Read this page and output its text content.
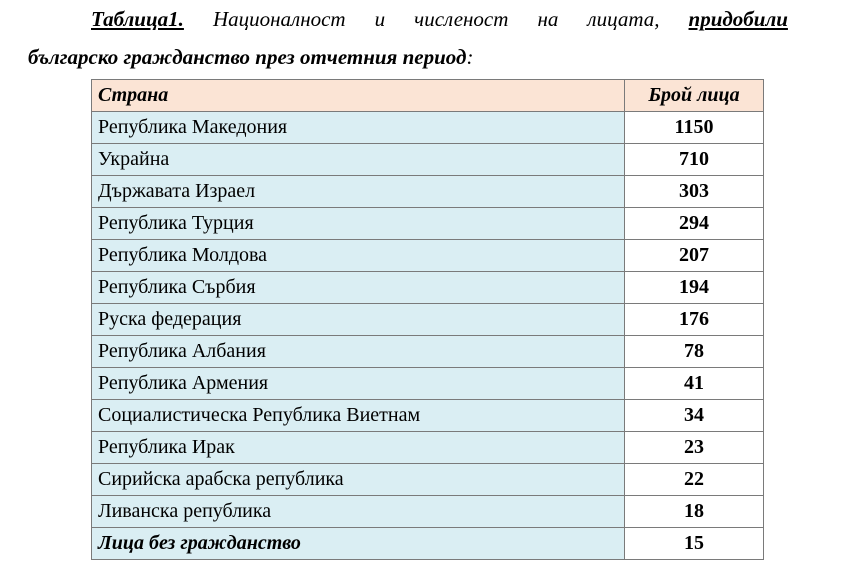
Таблица1. Националност и численост на лицата, придобили
българско гражданство през отчетния период:
Страна	Брой лица
Република Македония	1150
Украйна	710
Държавата Израел	303
Република Турция	294
Република Молдова	207
Република Сърбия	194
Руска федерация	176
Република Албания	78
Република Армения	41
Социалистическа Република Виетнам	34
Република Ирак	23
Сирийска арабска република	22
Ливанска република	18
Лица без гражданство	15
